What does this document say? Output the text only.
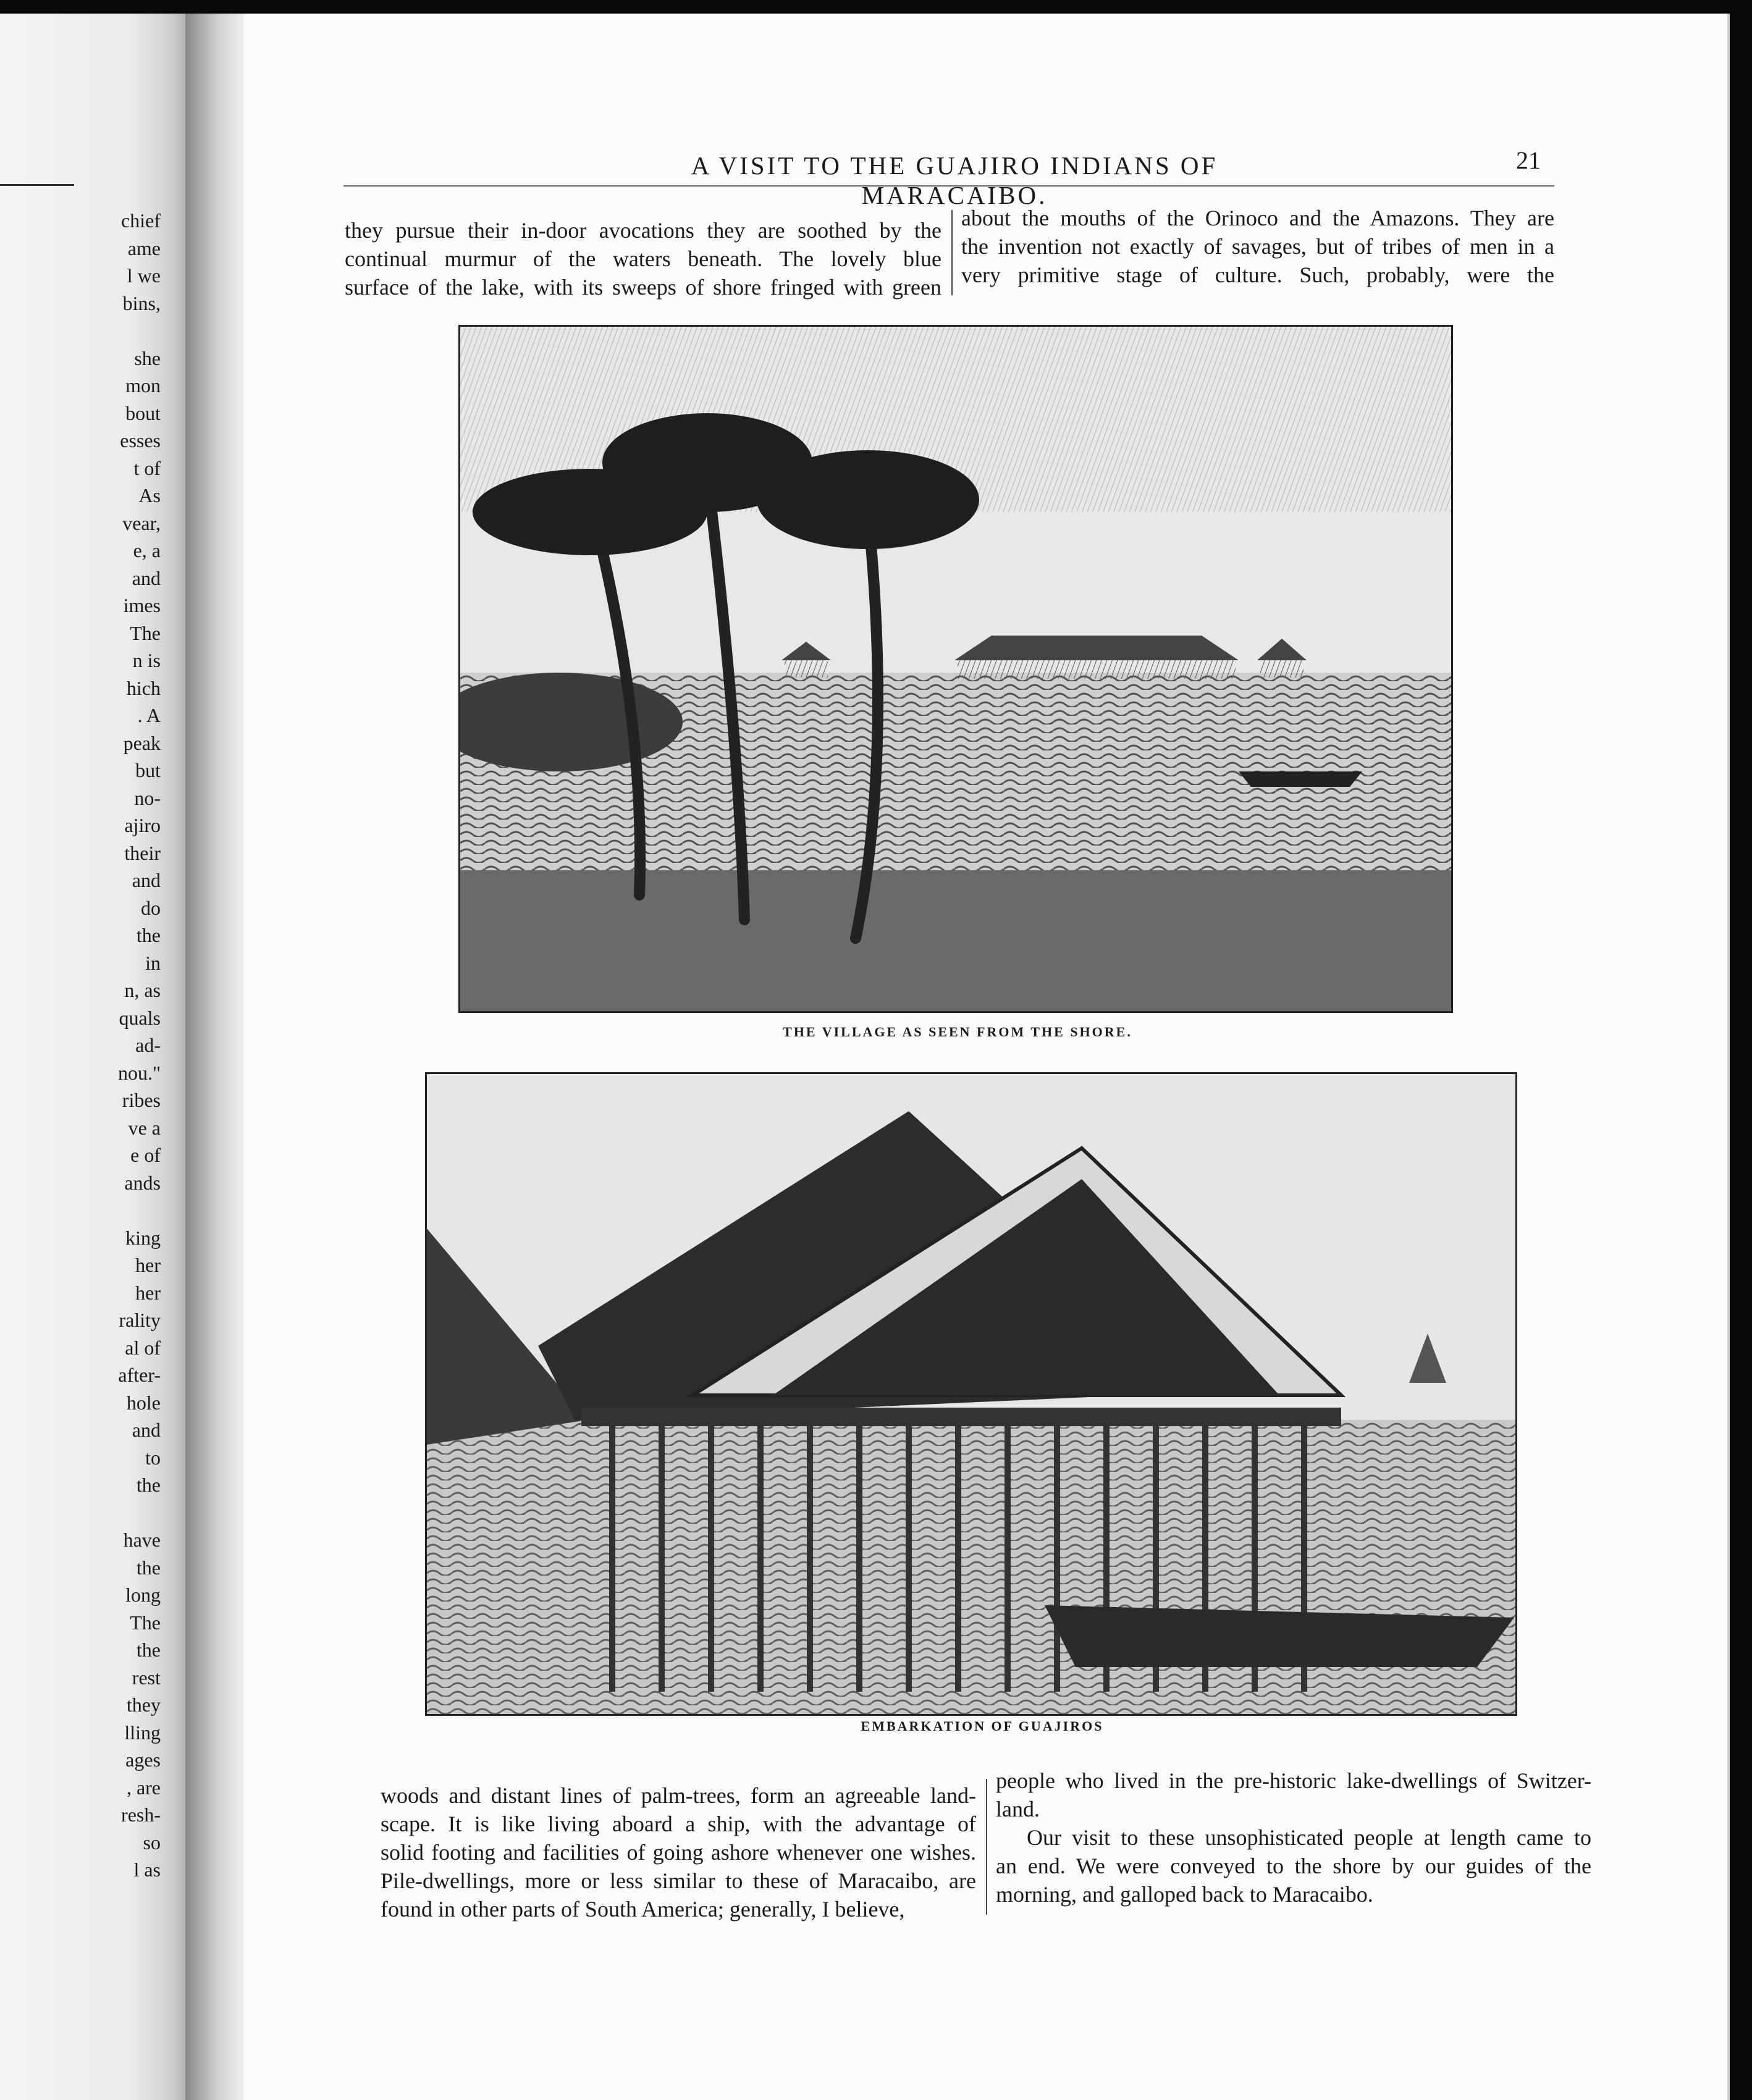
chief
ame
l we
bins,
she
mon
bout
esses
t of
As
vear,
e, a
and
imes
The
n is
hich
. A
peak
but
no-
ajiro
their
and
do
the
in
n, as
quals
ad-
nou."
ribes
ve a
e of
ands
king
her
her
rality
al of
after-
hole
and
to
the
have
the
long
The
the
rest
they
lling
ages
, are
resh-
so
l as
A VISIT TO THE GUAJIRO INDIANS OF MARACAIBO.
21
they pursue their in-door avocations they are soothed by the
continual murmur of the waters beneath. The lovely blue
surface of the lake, with its sweeps of shore fringed with green
about the mouths of the Orinoco and the Amazons. They are
the invention not exactly of savages, but of tribes of men in a
very primitive stage of culture. Such, probably, were the
THE VILLAGE AS SEEN FROM THE SHORE.
EMBARKATION OF GUAJIROS
woods and distant lines of palm-trees, form an agreeable land-
scape. It is like living aboard a ship, with the advantage of
solid footing and facilities of going ashore whenever one wishes.
Pile-dwellings, more or less similar to these of Maracaibo, are
found in other parts of South America; generally, I believe,
people who lived in the pre-historic lake-dwellings of Switzer-
land.
Our visit to these unsophisticated people at length came to
an end. We were conveyed to the shore by our guides of the
morning, and galloped back to Maracaibo.
